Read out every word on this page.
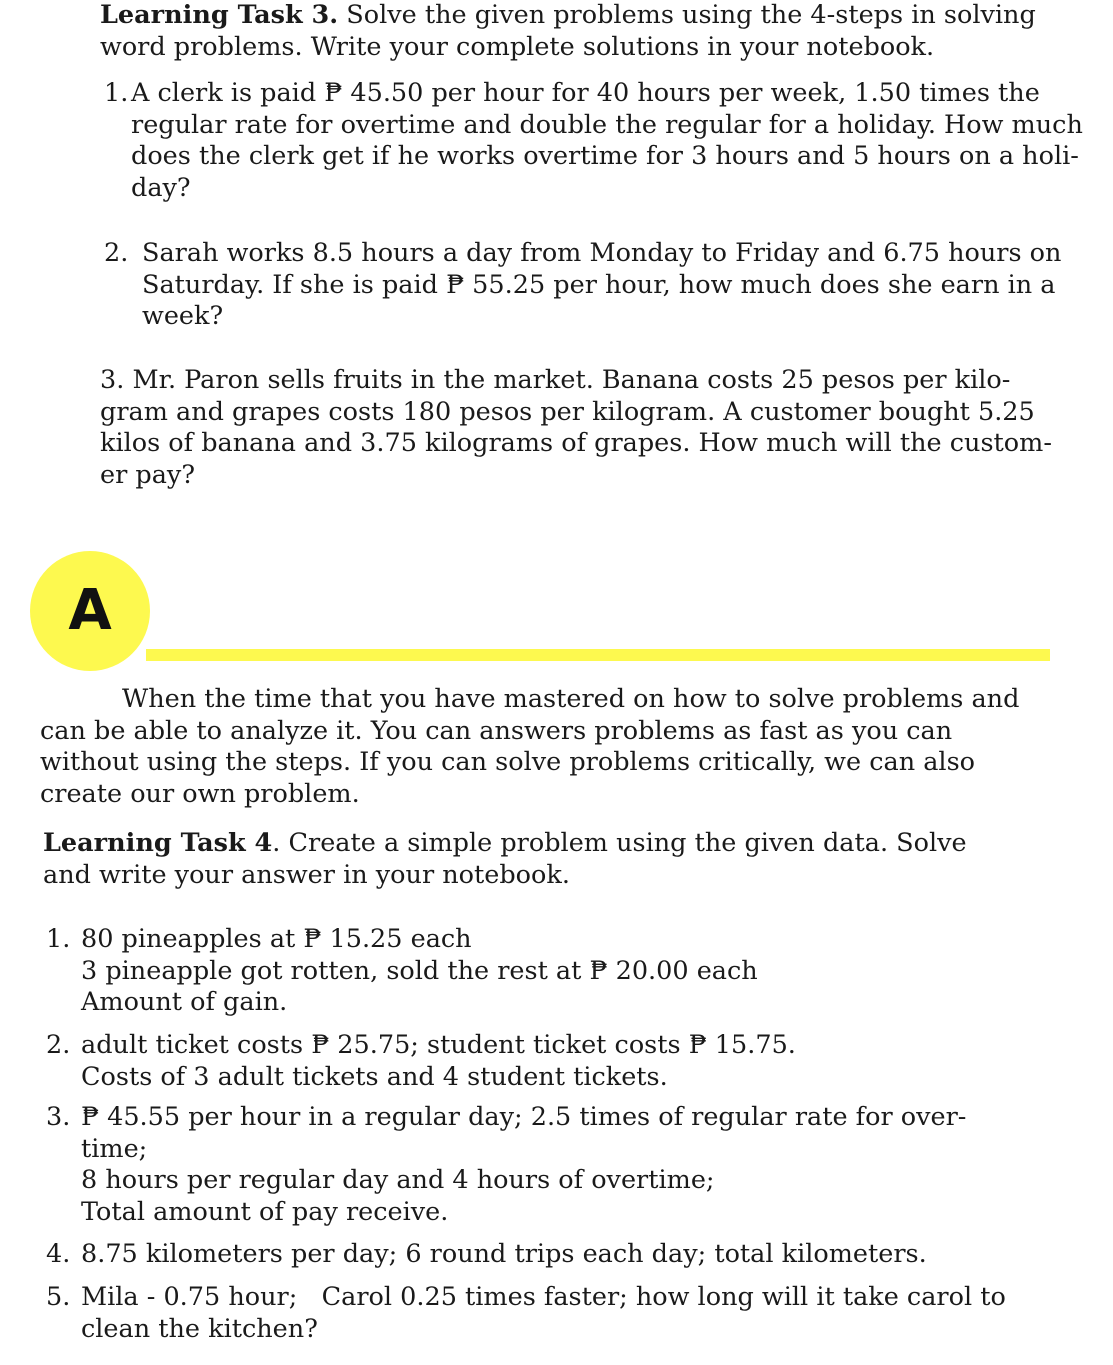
Learning Task 3. Solve the given problems using the 4-steps in solving word problems. Write your complete solutions in your notebook.
1. A clerk is paid ₱ 45.50 per hour for 40 hours per week, 1.50 times the regular rate for overtime and double the regular for a holiday. How much does the clerk get if he works overtime for 3 hours and 5 hours on a holi-day?
2. Sarah works 8.5 hours a day from Monday to Friday and 6.75 hours on Saturday. If she is paid ₱ 55.25 per hour, how much does she earn in a week?
3. Mr. Paron sells fruits in the market. Banana costs 25 pesos per kilo-gram and grapes costs 180 pesos per kilogram. A customer bought 5.25 kilos of banana and 3.75 kilograms of grapes. How much will the custom-er pay?
A
When the time that you have mastered on how to solve problems and can be able to analyze it. You can answers problems as fast as you can without using the steps. If you can solve problems critically, we can also create our own problem.
Learning Task 4. Create a simple problem using the given data. Solve and write your answer in your notebook.
1. 80 pineapples at ₱ 15.25 each
3 pineapple got rotten, sold the rest at ₱ 20.00 each
Amount of gain.
2. adult ticket costs ₱ 25.75; student ticket costs ₱ 15.75.
Costs of 3 adult tickets and 4 student tickets.
3. ₱ 45.55 per hour in a regular day; 2.5 times of regular rate for over-time;
8 hours per regular day and 4 hours of overtime;
Total amount of pay receive.
4. 8.75 kilometers per day; 6 round trips each day; total kilometers.
5. Mila - 0.75 hour;   Carol 0.25 times faster; how long will it take carol to clean the kitchen?
